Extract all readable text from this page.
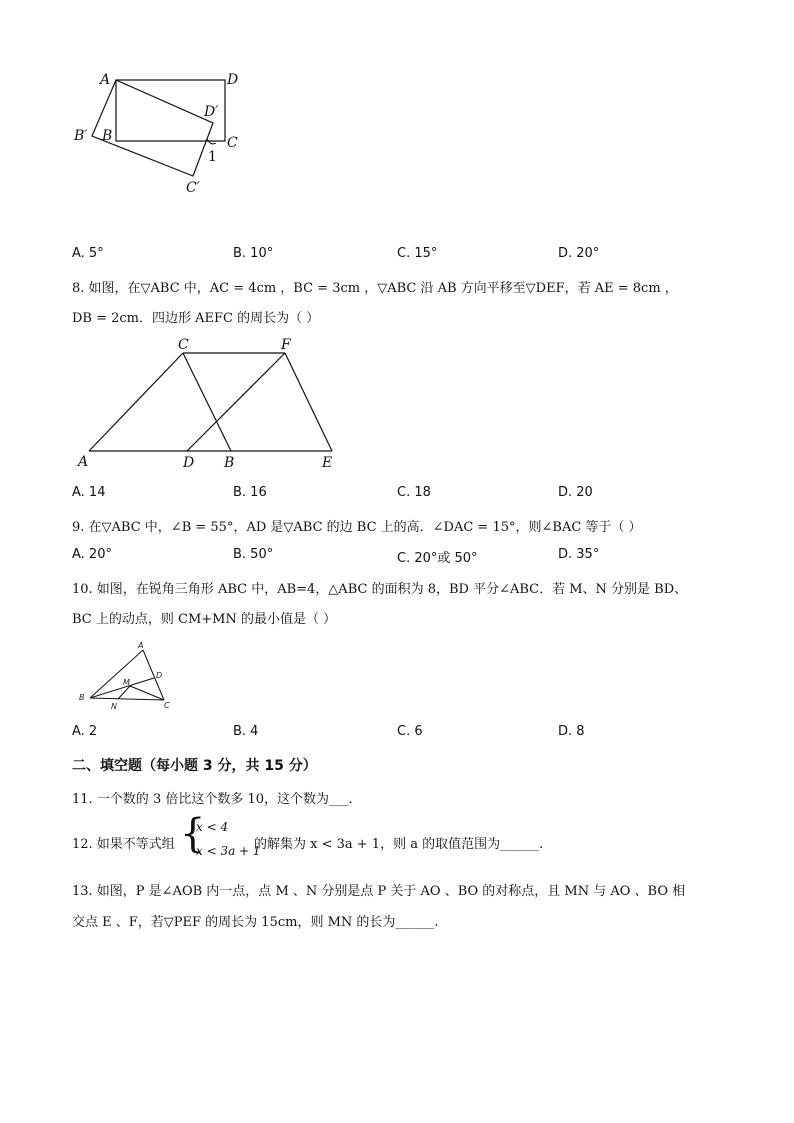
A	D
D′
B′ B	C
1
C′
A. 5°	B. 10°	C. 15°	D. 20°
8. 如图，在▽ABC 中，AC = 4cm ，BC = 3cm ，▽ABC 沿 AB 方向平移至▽DEF，若 AE = 8cm ，
DB = 2cm．四边形 AEFC 的周长为（ ）
A
C	F
D B	E
A. 14	B. 16	C. 18	D. 20
9. 在▽ABC 中，∠B = 55°，AD 是▽ABC 的边 BC 上的高．∠DAC = 15°，则∠BAC 等于（ ）
A. 20°	B. 50°	C. 20°或 50°	D. 35°
10. 如图，在锐角三角形 ABC 中，AB=4，△ABC 的面积为 8，BD 平分∠ABC．若 M、N 分别是 BD、
BC 上的动点，则 CM+MN 的最小值是（ ）
A
D
M
B
N	C
A. 2	B. 4	C. 6	D. 8
二、填空题（每小题 3 分，共 15 分）
11. 一个数的 3 倍比这个数多 10，这个数为___.
12. 如果不等式组 {
x < 4
x < 3a + 1
的解集为 x < 3a + 1，则 a 的取值范围为______.
13. 如图，P 是∠AOB 内一点，点 M 、N 分别是点 P 关于 AO 、BO 的对称点，且 MN 与 AO 、BO 相
交点 E 、F，若▽PEF 的周长为 15cm，则 MN 的长为______.
